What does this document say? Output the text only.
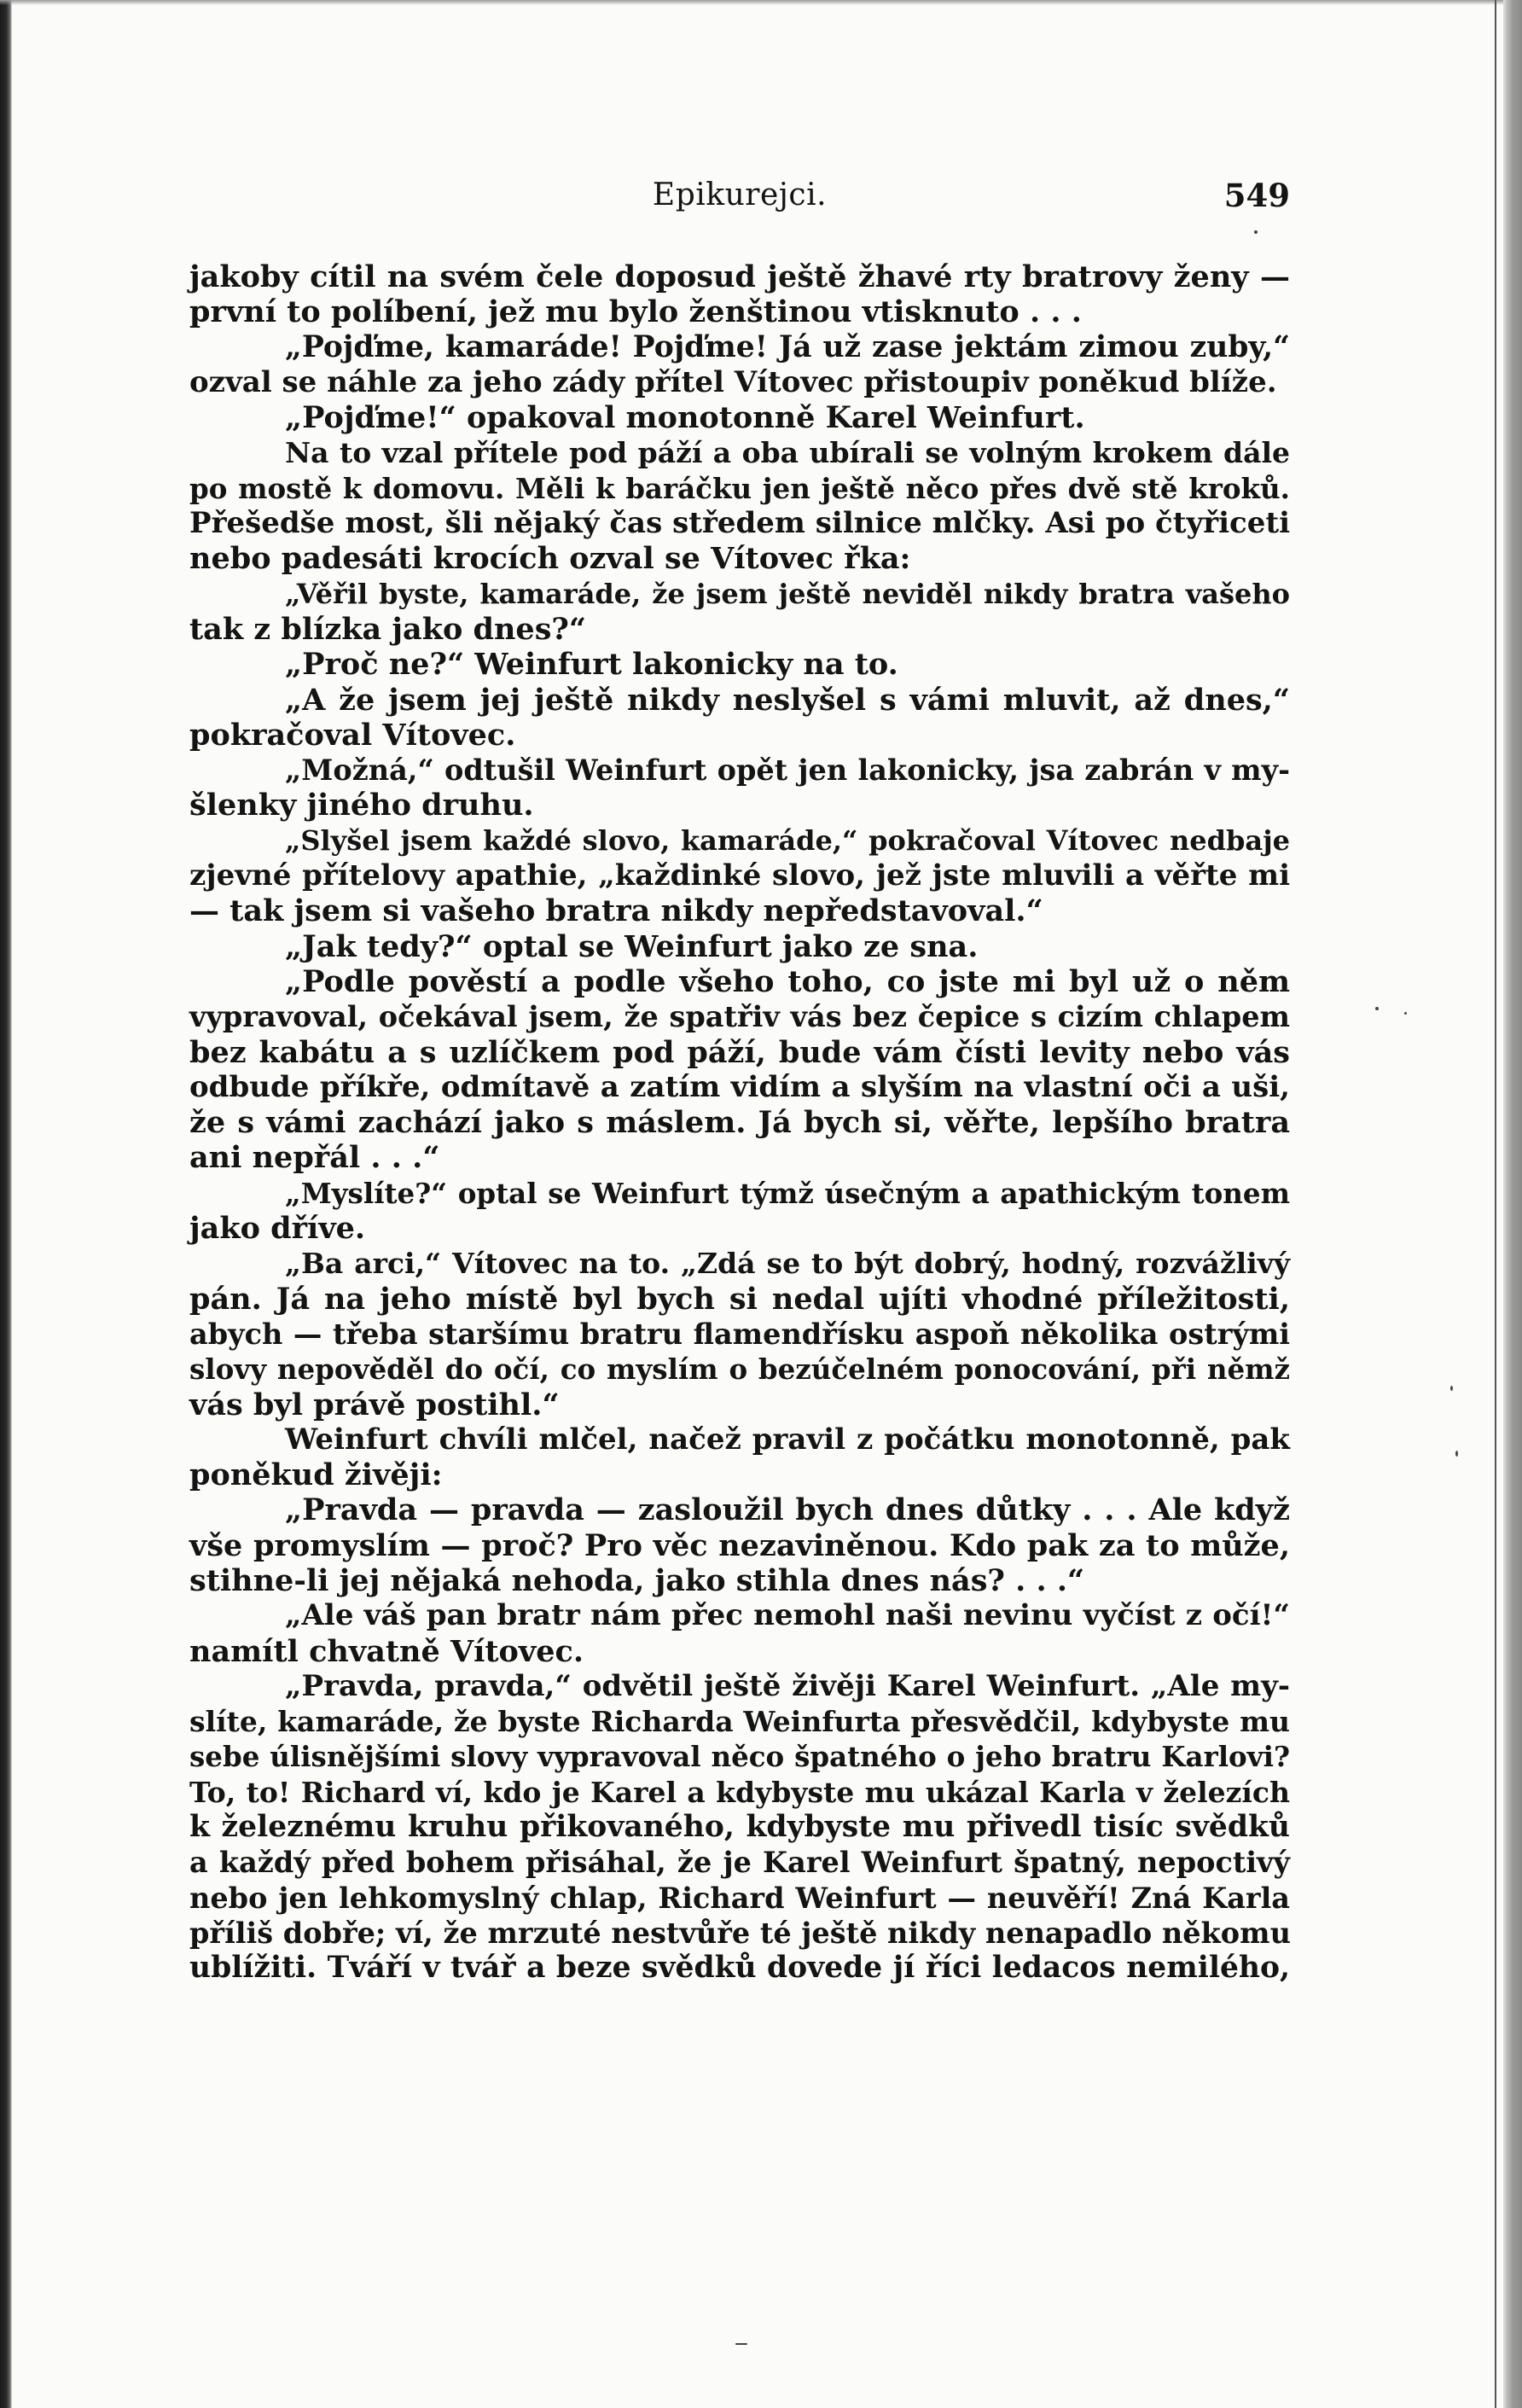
Epikurejci.	549
jakoby cítil na svém čele doposud ještě žhavé rty bratrovy ženy —
první to políbení, jež mu bylo ženštinou vtisknuto . . .
„Pojďme, kamaráde! Pojďme! Já už zase jektám zimou zuby,“
ozval se náhle za jeho zády přítel Vítovec přistoupiv poněkud blíže.
„Pojďme!“ opakoval monotonně Karel Weinfurt.
Na to vzal přítele pod páží a oba ubírali se volným krokem dále
po mostě k domovu. Měli k baráčku jen ještě něco přes dvě stě kroků.
Přešedše most, šli nějaký čas středem silnice mlčky. Asi po čtyřiceti
nebo padesáti krocích ozval se Vítovec řka:
„Věřil byste, kamaráde, že jsem ještě neviděl nikdy bratra vašeho
tak z blízka jako dnes?“
„Proč ne?“ Weinfurt lakonicky na to.
„A že jsem jej ještě nikdy neslyšel s vámi mluvit, až dnes,“
pokračoval Vítovec.
„Možná,“ odtušil Weinfurt opět jen lakonicky, jsa zabrán v my-
šlenky jiného druhu.
„Slyšel jsem každé slovo, kamaráde,“ pokračoval Vítovec nedbaje
zjevné přítelovy apathie, „každinké slovo, jež jste mluvili a věřte mi
— tak jsem si vašeho bratra nikdy nepředstavoval.“
„Jak tedy?“ optal se Weinfurt jako ze sna.
„Podle pověstí a podle všeho toho, co jste mi byl už o něm
vypravoval, očekával jsem, že spatřiv vás bez čepice s cizím chlapem
bez kabátu a s uzlíčkem pod páží, bude vám čísti levity nebo vás
odbude příkře, odmítavě a zatím vidím a slyším na vlastní oči a uši,
že s vámi zachází jako s máslem. Já bych si, věřte, lepšího bratra
ani nepřál . . .“
„Myslíte?“ optal se Weinfurt týmž úsečným a apathickým tonem
jako dříve.
„Ba arci,“ Vítovec na to. „Zdá se to být dobrý, hodný, rozvážlivý
pán. Já na jeho místě byl bych si nedal ujíti vhodné příležitosti,
abych — třeba staršímu bratru flamendřísku aspoň několika ostrými
slovy nepověděl do očí, co myslím o bezúčelném ponocování, při němž
vás byl právě postihl.“
Weinfurt chvíli mlčel, načež pravil z počátku monotonně, pak
poněkud živěji:
„Pravda — pravda — zasloužil bych dnes důtky . . . Ale když
vše promyslím — proč? Pro věc nezaviněnou. Kdo pak za to může,
stihne-li jej nějaká nehoda, jako stihla dnes nás? . . .“
„Ale váš pan bratr nám přec nemohl naši nevinu vyčíst z očí!“
namítl chvatně Vítovec.
„Pravda, pravda,“ odvětil ještě živěji Karel Weinfurt. „Ale my-
slíte, kamaráde, že byste Richarda Weinfurta přesvědčil, kdybyste mu
sebe úlisnějšími slovy vypravoval něco špatného o jeho bratru Karlovi?
To, to! Richard ví, kdo je Karel a kdybyste mu ukázal Karla v železích
k železnému kruhu přikovaného, kdybyste mu přivedl tisíc svědků
a každý před bohem přisáhal, že je Karel Weinfurt špatný, nepoctivý
nebo jen lehkomyslný chlap, Richard Weinfurt — neuvěří! Zná Karla
příliš dobře; ví, že mrzuté nestvůře té ještě nikdy nenapadlo někomu
ublížiti. Tváří v tvář a beze svědků dovede jí říci ledacos nemilého,
